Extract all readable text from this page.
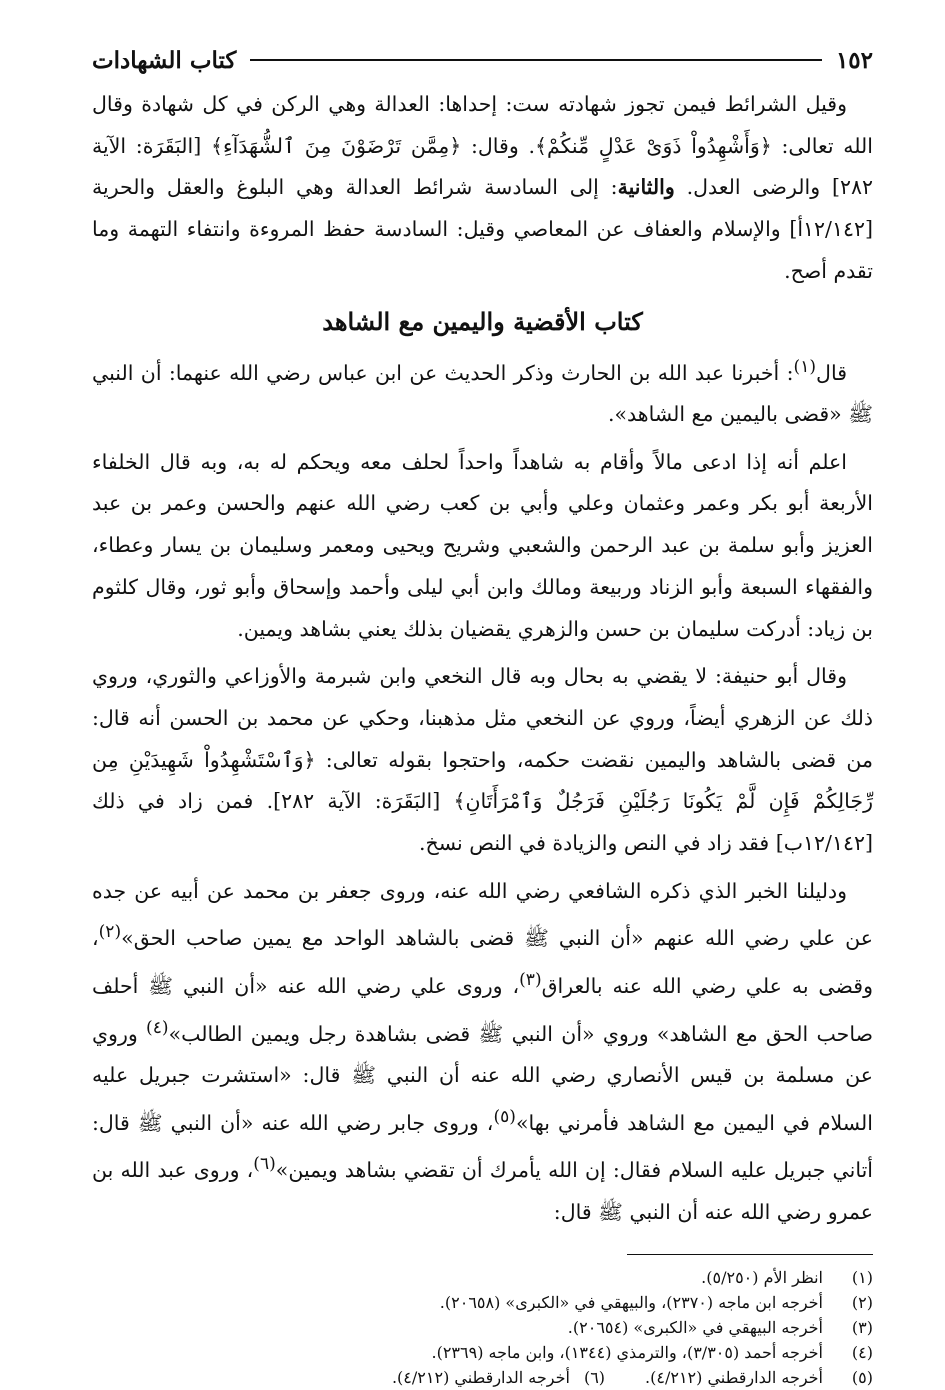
١٥٢
كتاب الشهادات

وقيل الشرائط فيمن تجوز شهادته ست: إحداها: العدالة وهي الركن في كل شهادة وقال الله تعالى: ﴿وَأَشْهِدُواْ ذَوَىْ عَدْلٍ مِّنكُمْ﴾. وقال: ﴿مِمَّن تَرْضَوْنَ مِنَ ٱلشُّهَدَآءِ﴾ [البَقَرَة: الآية ٢٨٢] والرضى العدل. والثانية: إلى السادسة شرائط العدالة وهي البلوغ والعقل والحرية [١٢/١٤٢أ] والإسلام والعفاف عن المعاصي وقيل: السادسة حفظ المروءة وانتفاء التهمة وما تقدم أصح.

كتاب الأقضية واليمين مع الشاهد

قال$^{(١)}$: أخبرنا عبد الله بن الحارث وذكر الحديث عن ابن عباس رضي الله عنهما: أن النبي ﷺ «قضى باليمين مع الشاهد».

اعلم أنه إذا ادعى مالاً وأقام به شاهداً واحداً لحلف معه ويحكم له به، وبه قال الخلفاء الأربعة أبو بكر وعمر وعثمان وعلي وأبي بن كعب رضي الله عنهم والحسن وعمر بن عبد العزيز وأبو سلمة بن عبد الرحمن والشعبي وشريح ويحيى ومعمر وسليمان بن يسار وعطاء، والفقهاء السبعة وأبو الزناد وربيعة ومالك وابن أبي ليلى وأحمد وإسحاق وأبو ثور، وقال كلثوم بن زياد: أدركت سليمان بن حسن والزهري يقضيان بذلك يعني بشاهد ويمين.

وقال أبو حنيفة: لا يقضي به بحال وبه قال النخعي وابن شبرمة والأوزاعي والثوري، وروي ذلك عن الزهري أيضاً، وروي عن النخعي مثل مذهبنا، وحكي عن محمد بن الحسن أنه قال: من قضى بالشاهد واليمين نقضت حكمه، واحتجوا بقوله تعالى: ﴿وَٱسْتَشْهِدُواْ شَهِيدَيْنِ مِن رِّجَالِكُمْ فَإِن لَّمْ يَكُونَا رَجُلَيْنِ فَرَجُلٌ وَٱمْرَأَتَانِ﴾ [البَقَرَة: الآية ٢٨٢]. فمن زاد في ذلك [١٢/١٤٢ب] فقد زاد في النص والزيادة في النص نسخ.

ودليلنا الخبر الذي ذكره الشافعي رضي الله عنه، وروى جعفر بن محمد عن أبيه عن جده عن علي رضي الله عنهم «أن النبي ﷺ قضى بالشاهد الواحد مع يمين صاحب الحق»$^{(٢)}$، وقضى به علي رضي الله عنه بالعراق$^{(٣)}$، وروى علي رضي الله عنه «أن النبي ﷺ أحلف صاحب الحق مع الشاهد» وروي «أن النبي ﷺ قضى بشاهدة رجل ويمين الطالب»$^{(٤)}$ وروي عن مسلمة بن قيس الأنصاري رضي الله عنه أن النبي ﷺ قال: «استشرت جبريل عليه السلام في اليمين مع الشاهد فأمرني بها»$^{(٥)}$، وروى جابر رضي الله عنه «أن النبي ﷺ قال: أتاني جبريل عليه السلام فقال: إن الله يأمرك أن تقضي بشاهد ويمين»$^{(٦)}$، وروى عبد الله بن عمرو رضي الله عنه أن النبي ﷺ قال:

(١)
انظر الأم (٥/٢٥٠).
(٢)
أخرجه ابن ماجه (٢٣٧٠)، والبيهقي في «الكبرى» (٢٠٦٥٨).
(٣)
أخرجه البيهقي في «الكبرى» (٢٠٦٥٤).
(٤)
أخرجه أحمد (٣/٣٠٥)، والترمذي (١٣٤٤)، وابن ماجه (٢٣٦٩).
(٥)
أخرجه الدارقطني (٤/٢١٢).
(٦)
أخرجه الدارقطني (٤/٢١٢).
